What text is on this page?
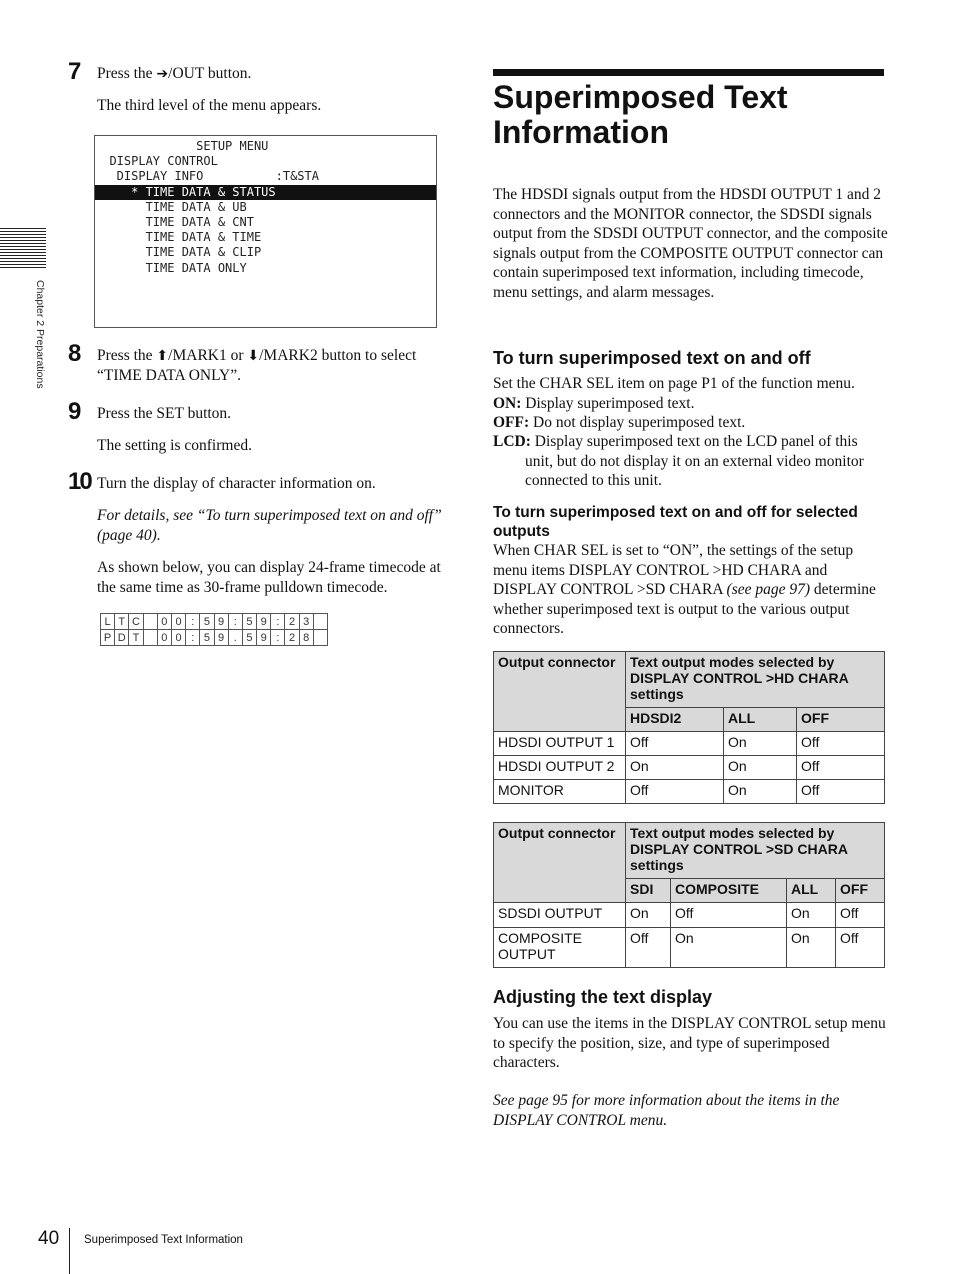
Chapter 2 Preparations
7 Press the ➔/OUT button.
The third level of the menu appears.
SETUP MENU
DISPLAY CONTROL
DISPLAY INFO          :T&STA
* TIME DATA & STATUS
TIME DATA & UB
TIME DATA & CNT
TIME DATA & TIME
TIME DATA & CLIP
TIME DATA ONLY
8 Press the ⬆/MARK1 or ⬇/MARK2 button to select
“TIME DATA ONLY”.
9 Press the SET button.
The setting is confirmed.
10 Turn the display of character information on.
For details, see “To turn superimposed text on and off” (page 40).
As shown below, you can display 24-frame timecode at the same time as 30-frame pulldown timecode.
L	T	C		0	0	:	5	9	:	5	9	:	2	3	
P	D	T		0	0	:	5	9	.	5	9	:	2	8	
Superimposed Text
Information
The HDSDI signals output from the HDSDI OUTPUT 1 and 2 connectors and the MONITOR connector, the SDSDI signals output from the SDSDI OUTPUT connector, and the composite signals output from the COMPOSITE OUTPUT connector can contain superimposed text information, including timecode, menu settings, and alarm messages.
To turn superimposed text on and off
Set the CHAR SEL item on page P1 of the function menu.
ON: Display superimposed text.
OFF: Do not display superimposed text.
LCD: Display superimposed text on the LCD panel of this unit, but do not display it on an external video monitor connected to this unit.
To turn superimposed text on and off for selected outputs
When CHAR SEL is set to “ON”, the settings of the setup menu items DISPLAY CONTROL >HD CHARA and DISPLAY CONTROL >SD CHARA (see page 97) determine whether superimposed text is output to the various output connectors.
Output connector	Text output modes selected by DISPLAY CONTROL >HD CHARA settings		
	HDSDI2	ALL	OFF
HDSDI OUTPUT 1	Off	On	Off
HDSDI OUTPUT 2	On	On	Off
MONITOR	Off	On	Off
Output connector	Text output modes selected by DISPLAY CONTROL >SD CHARA settings			
	SDI	COMPOSITE	ALL	OFF
SDSDI OUTPUT	On	Off	On	Off
COMPOSITE OUTPUT	Off	On	On	Off
Adjusting the text display
You can use the items in the DISPLAY CONTROL setup menu to specify the position, size, and type of superimposed characters.
See page 95 for more information about the items in the DISPLAY CONTROL menu.
40 Superimposed Text Information
